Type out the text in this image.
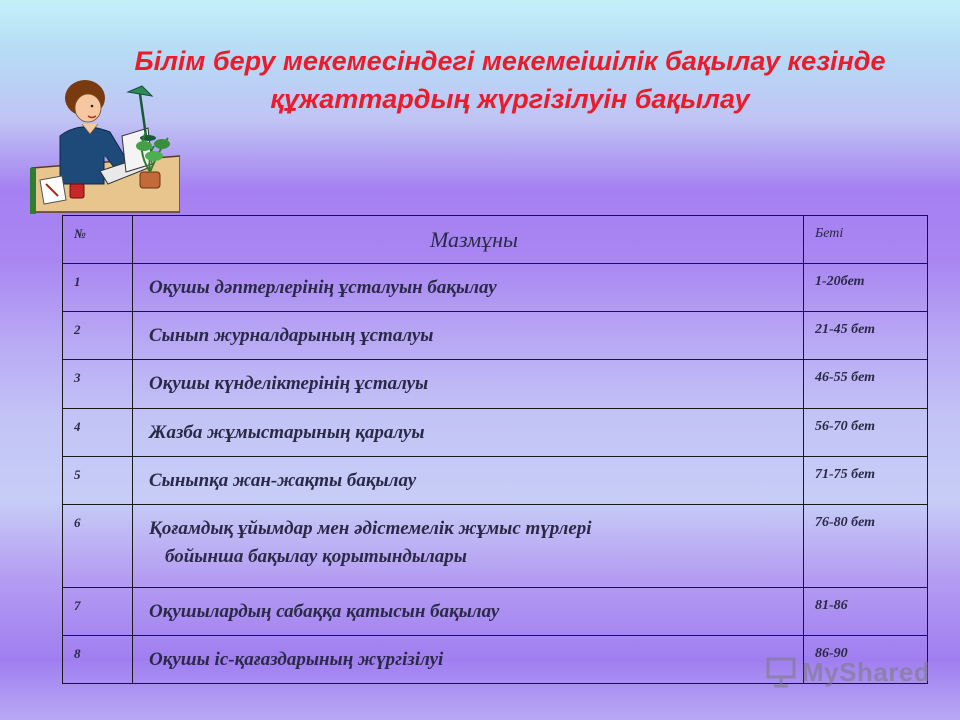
Білім беру мекемесіндегі мекемеішілік бақылау кезінде
құжаттардың жүргізілуін бақылау
№	Мазмұны	Беті
1	Оқушы дәптерлерінің ұсталуын бақылау	1-20бет
2	Сынып журналдарының ұсталуы	21-45 бет
3	Оқушы күнделіктерінің ұсталуы	46-55 бет
4	Жазба жұмыстарының қаралуы	56-70 бет
5	Сыныпқа жан-жақты бақылау	71-75 бет
6	Қоғамдық ұйымдар мен әдістемелік жұмыс түрлері
бойынша бақылау қорытындылары	76-80 бет
7	Оқушылардың сабаққа қатысын бақылау	81-86
8	Оқушы іс-қағаздарының жүргізілуі	86-90
MyShared
